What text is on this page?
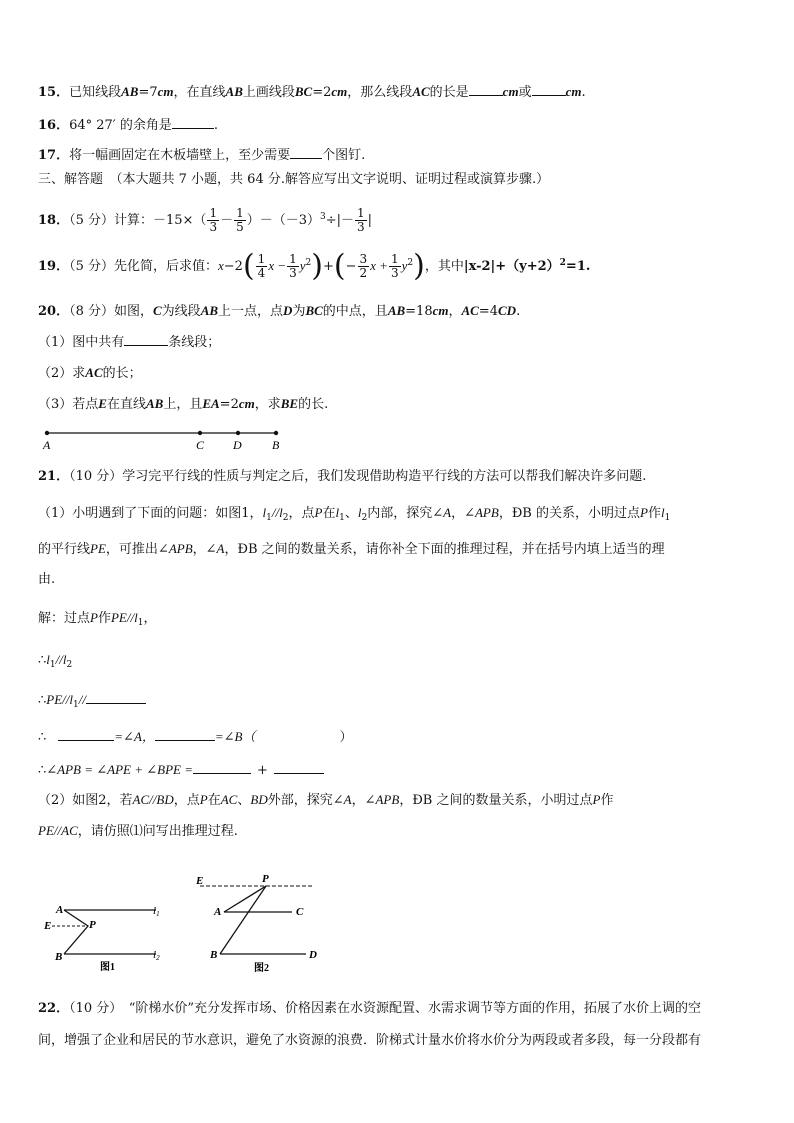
15．已知线段AB=7cm，在直线AB上画线段BC=2cm，那么线段AC的长是	cm或	cm.
16．64° 27′ 的余角是	.
17．将一幅画固定在木板墙壁上，至少需要 个图钉.
三、解答题　（本大题共 7 小题，共 64 分.解答应写出文字说明、证明过程或演算步骤.）
18．（5 分）计算：$-15\times( \frac{1}{3} - \frac{1}{5} )-(-3)^3\div|- \frac{1}{3}$ |
19．（5 分）先化简，后求值：$x-2( \frac{1}{4}$ $x - \frac{1}{3} y^2)+(- \frac{3}{2}$ $x + \frac{1}{3} y^2$)，其中$|x-2|+(y+2)^2=1$.
20．（8 分）如图，C为线段AB上一点，点D为BC的中点，且AB=18cm，AC=4CD.
（1）图中共有	条线段；
（2）求AC的长；
（3）若点E在直线AB上，且EA=2cm，求BE的长.
A	C D	B
21．（10 分）学习完平行线的性质与判定之后，我们发现借助构造平行线的方法可以帮我们解决许多问题.
（1）小明遇到了下面的问题：如图1，$l_1//l_2$，点P在$l_1$、$l_2$内部，探究∠A，∠APB，ÐB 的关系，小明过点P作$l_1$
的平行线PE，可推出∠APB，∠A，ÐB 之间的数量关系，请你补全下面的推理过程，并在括号内填上适当的理
由.
解：过点P作$PE//l_1$，
$\therefore l_1//l_2$
$\therefore PE//l_1//$
∴	=∠A，	=∠B（	）
∴∠APB = ∠APE + ∠BPE =	+
（2）如图2，若AC//BD，点P在AC、BD外部，探究∠A，∠APB，ÐB 之间的数量关系，小明过点P作
PE//AC，请仿照⑴问写出推理过程.
A
E	P
B
l1
l2
图1
E	P
A	C
B	D
图2
22．（10 分）　“阶梯水价”充分发挥市场、价格因素在水资源配置、水需求调节等方面的作用，拓展了水价上调的空
间，增强了企业和居民的节水意识，避免了水资源的浪费．阶梯式计量水价将水价分为两段或者多段，每一分段都有
